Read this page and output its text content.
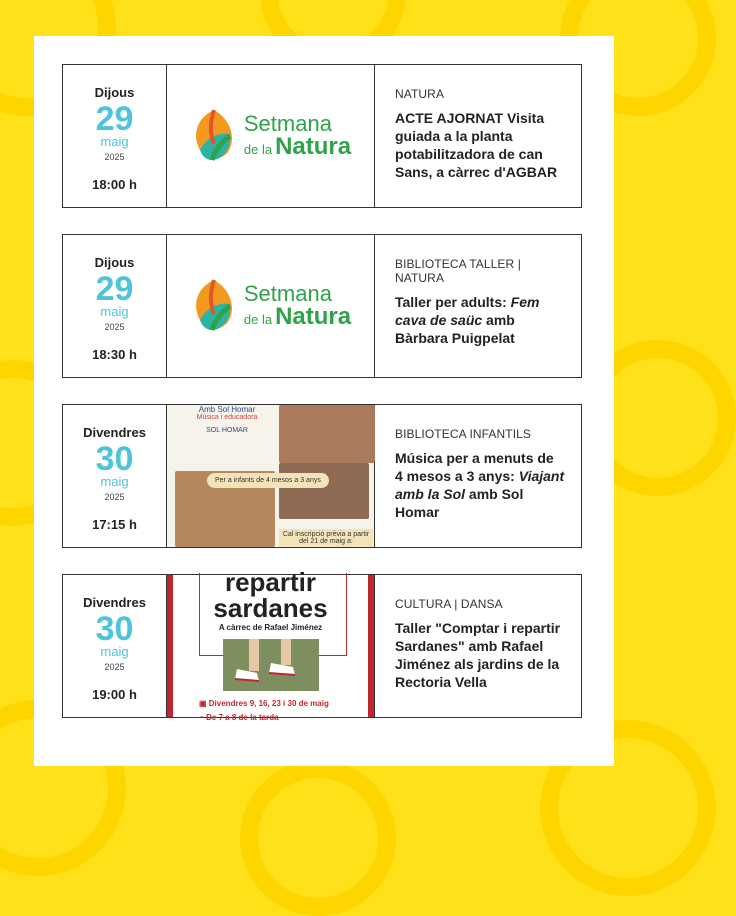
Dijous
29
maig
2025
18:00 h
Setmana
de la Natura
NATURA
ACTE AJORNAT Visita guiada a la planta potabilitzadora de can Sans, a càrrec d'AGBAR
Dijous
29
maig
2025
18:30 h
Setmana
de la Natura
BIBLIOTECA TALLER | NATURA
Taller per adults: Fem cava de saüc amb Bàrbara Puigpelat
Divendres
30
maig
2025
17:15 h
Amb Sol Homar
Música i educadora
SOL HOMAR
Per a infants de 4 mesos a 3 anys
Cal inscripció prèvia a partir del 21 de maig a:
BIBLIOTECA INFANTILS
Música per a menuts de 4 mesos a 3 anys: Viajant amb la Sol amb Sol Homar
Divendres
30
maig
2025
19:00 h
repartir
sardanes
A càrrec de Rafael Jiménez
▣ Divendres 9, 16, 23 i 30 de maig
◔ De 7 a 8 de la tarda
CULTURA | DANSA
Taller "Comptar i repartir Sardanes" amb Rafael Jiménez als jardins de la Rectoria Vella
